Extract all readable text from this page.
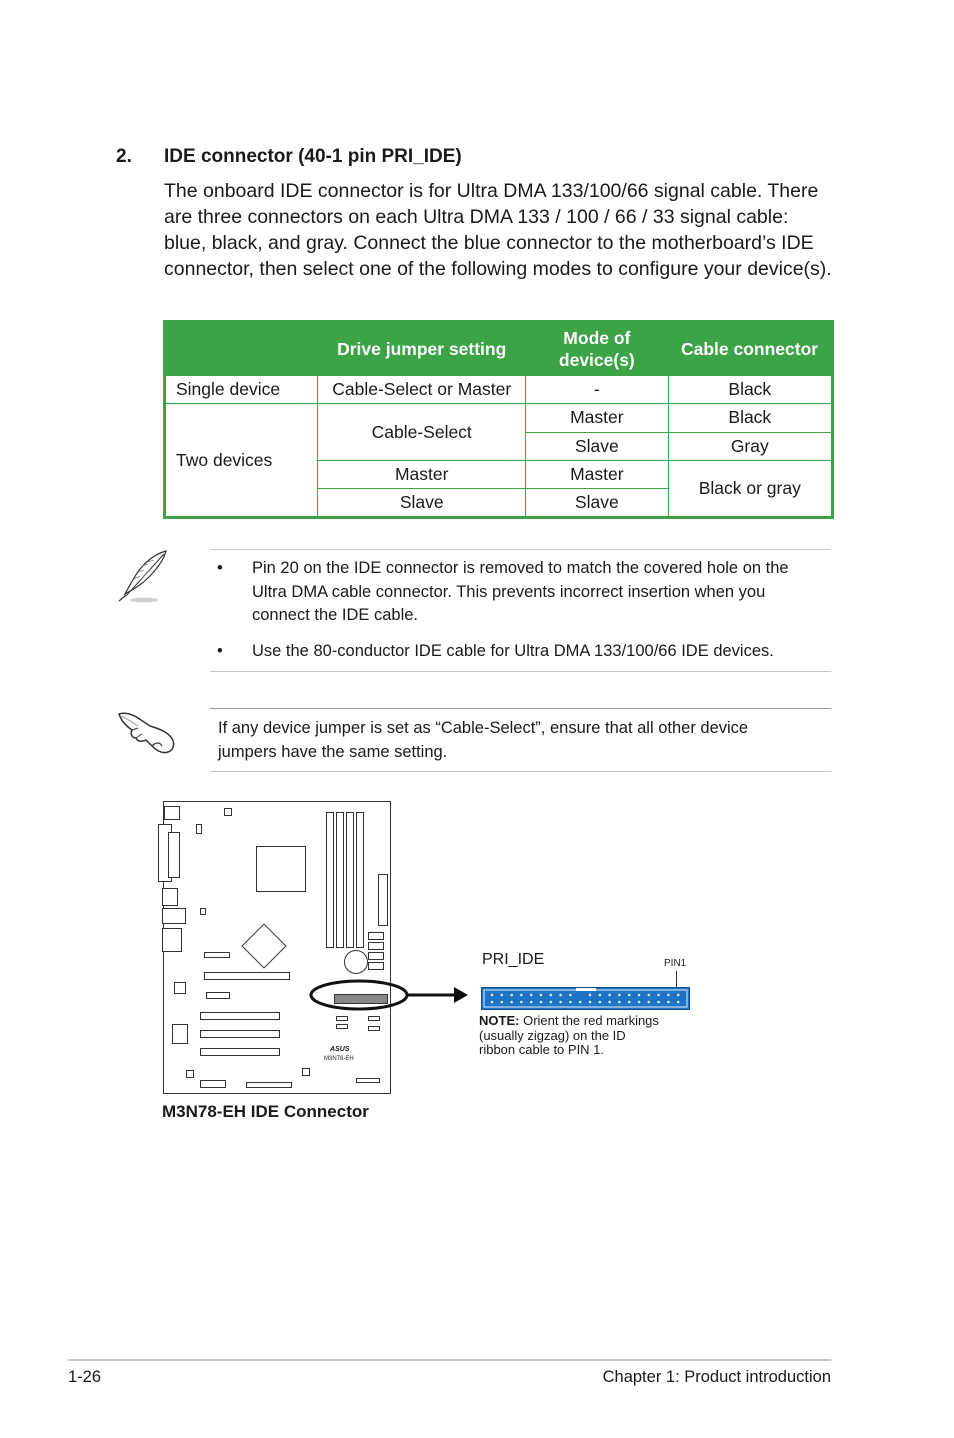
2. IDE connector (40-1 pin PRI_IDE)
The onboard IDE connector is for Ultra DMA 133/100/66 signal cable. There
are three connectors on each Ultra DMA 133 / 100 / 66 / 33 signal cable:
blue, black, and gray. Connect the blue connector to the motherboard’s IDE
connector, then select one of the following modes to configure your device(s).
	Drive jumper setting	Mode of
device(s)	Cable connector
Single device	Cable-Select or Master	-	Black
Two devices	Cable-Select	Master	Black
		Slave	Gray
	Master	Master	Black or gray
	Slave	Slave	
• Pin 20 on the IDE connector is removed to match the covered hole on the
Ultra DMA cable connector. This prevents incorrect insertion when you
connect the IDE cable.
• Use the 80-conductor IDE cable for Ultra DMA 133/100/66 IDE devices.
If any device jumper is set as “Cable-Select”, ensure that all other device
jumpers have the same setting.
ASUS
M3N78-EH
PRI_IDE	PIN1
NOTE: Orient the red markings
(usually zigzag) on the ID
ribbon cable to PIN 1.
M3N78-EH IDE Connector
1-26	Chapter 1: Product introduction
